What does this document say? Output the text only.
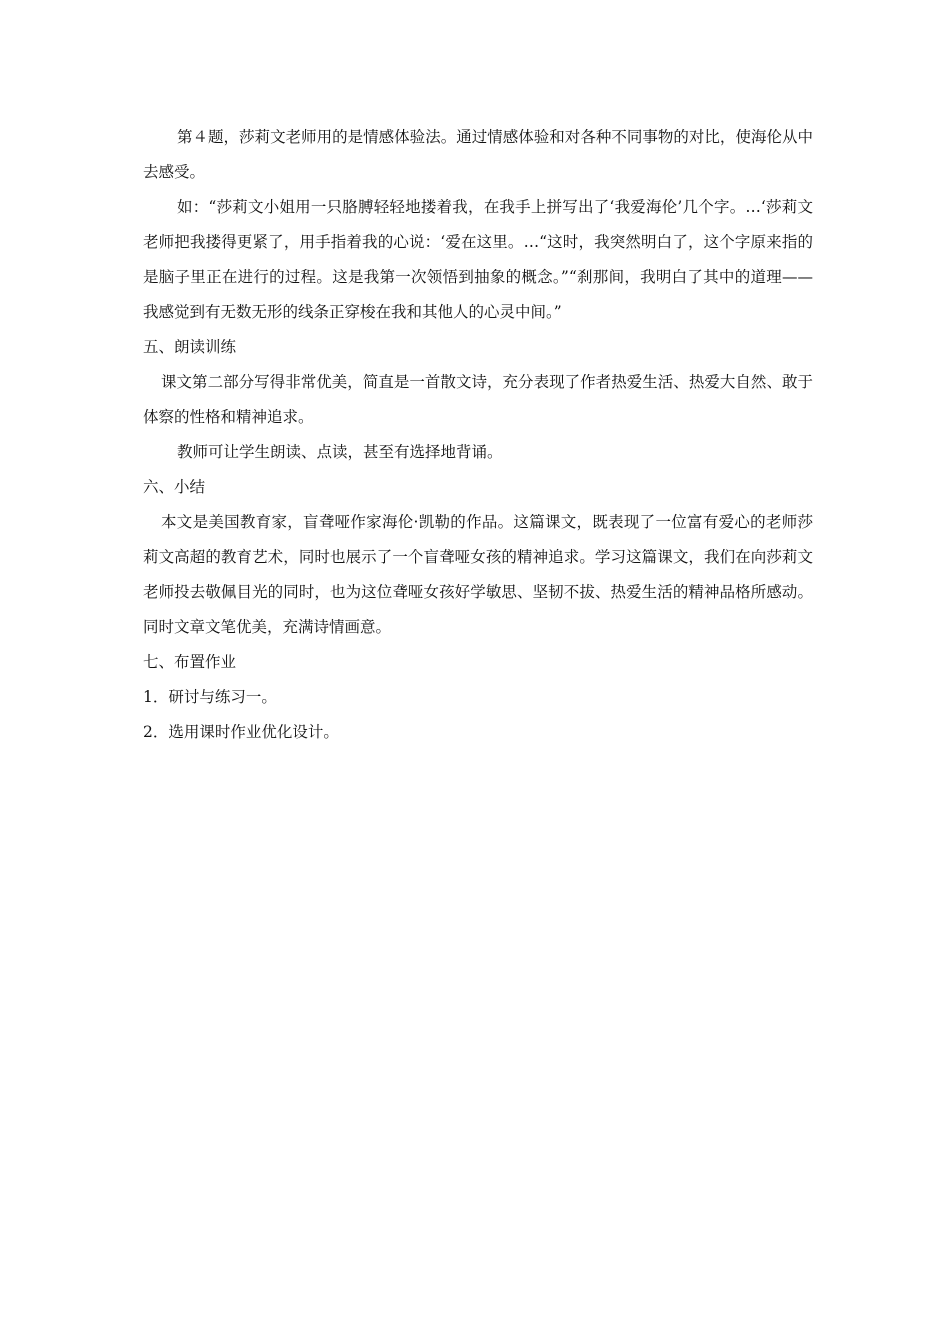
第４题，莎莉文老师用的是情感体验法。通过情感体验和对各种不同事物的对比，使海伦从中去感受。

如：“莎莉文小姐用一只胳膊轻轻地搂着我，在我手上拼写出了‘我爱海伦’几个字。…‘莎莉文老师把我搂得更紧了，用手指着我的心说：‘爱在这里。…“这时，我突然明白了，这个字原来指的是脑子里正在进行的过程。这是我第一次领悟到抽象的概念。”“刹那间，我明白了其中的道理——我感觉到有无数无形的线条正穿梭在我和其他人的心灵中间。”

五、朗读训练

课文第二部分写得非常优美，简直是一首散文诗，充分表现了作者热爱生活、热爱大自然、敢于体察的性格和精神追求。

教师可让学生朗读、点读，甚至有选择地背诵。

六、小结

本文是美国教育家，盲聋哑作家海伦·凯勒的作品。这篇课文，既表现了一位富有爱心的老师莎莉文高超的教育艺术，同时也展示了一个盲聋哑女孩的精神追求。学习这篇课文，我们在向莎莉文老师投去敬佩目光的同时，也为这位聋哑女孩好学敏思、坚韧不拔、热爱生活的精神品格所感动。同时文章文笔优美，充满诗情画意。

七、布置作业

1．研讨与练习一。

2．选用课时作业优化设计。
